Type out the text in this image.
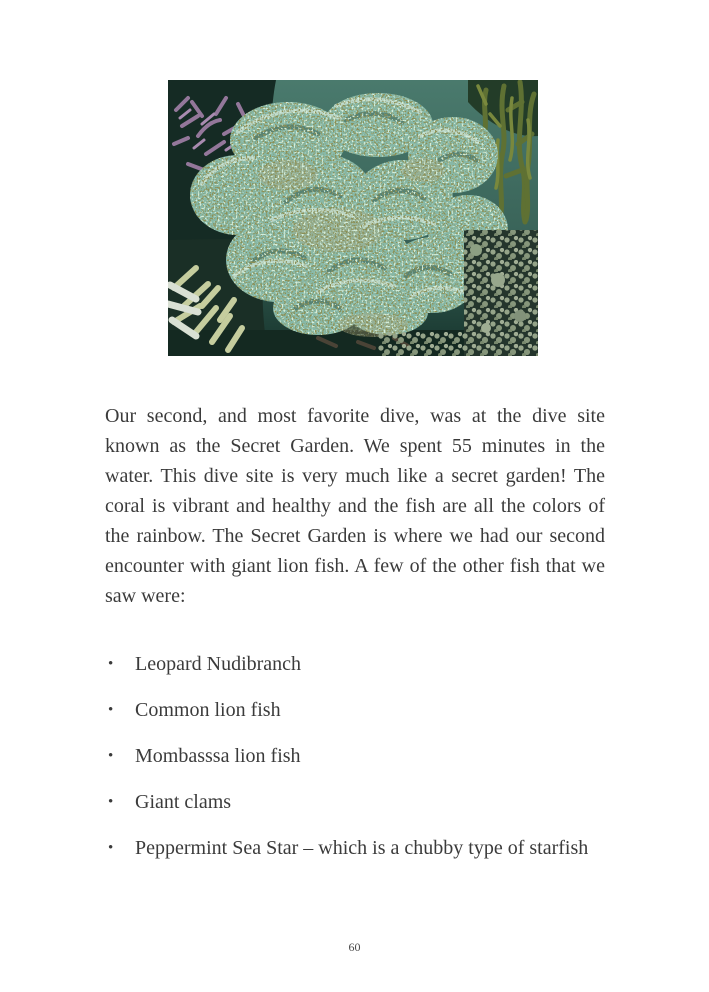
Our second, and most favorite dive, was at the dive site known as the Secret Garden. We spent 55 minutes in the water. This dive site is very much like a secret garden! The coral is vibrant and healthy and the fish are all the colors of the rainbow. The Secret Garden is where we had our second encounter with giant lion fish. A few of the other fish that we saw were:

•	Leopard Nudibranch
•	Common lion fish
•	Mombasssa lion fish
•	Giant clams
•	Peppermint Sea Star – which is a chubby type of starfish
60
